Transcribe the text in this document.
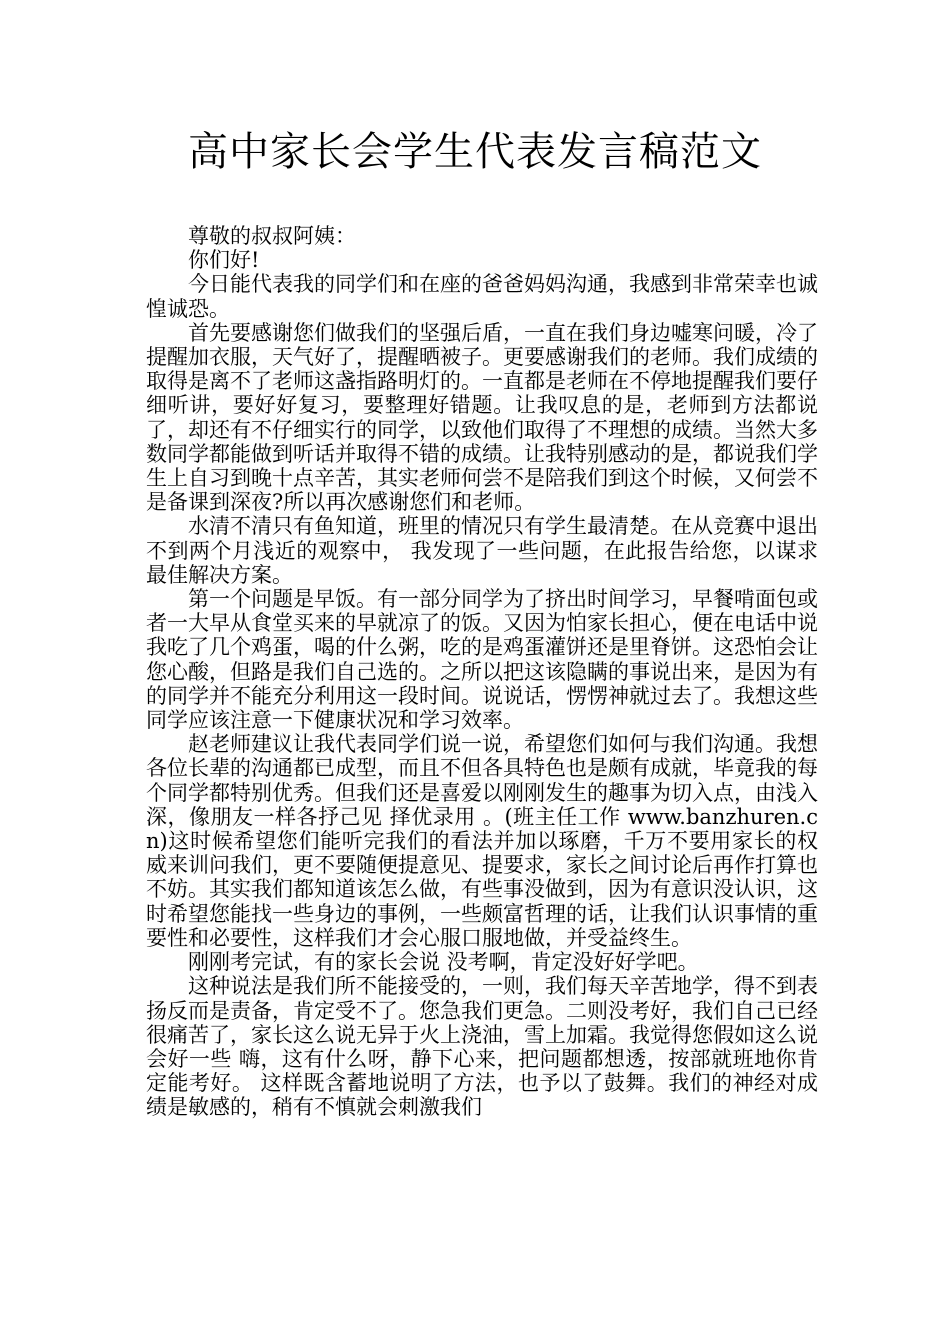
高中家长会学生代表发言稿范文

尊敬的叔叔阿姨：

你们好!

今日能代表我的同学们和在座的爸爸妈妈沟通，我感到非常荣幸也诚惶诚恐。

首先要感谢您们做我们的坚强后盾，一直在我们身边嘘寒问暖，冷了提醒加衣服，天气好了，提醒晒被子。更要感谢我们的老师。我们成绩的取得是离不了老师这盏指路明灯的。一直都是老师在不停地提醒我们要仔细听讲，要好好复习，要整理好错题。让我叹息的是，老师到方法都说了，却还有不仔细实行的同学，以致他们取得了不理想的成绩。当然大多数同学都能做到听话并取得不错的成绩。让我特别感动的是，都说我们学生上自习到晚十点辛苦，其实老师何尝不是陪我们到这个时候，又何尝不是备课到深夜?所以再次感谢您们和老师。

水清不清只有鱼知道，班里的情况只有学生最清楚。在从竞赛中退出不到两个月浅近的观察中， 我发现了一些问题，在此报告给您，以谋求最佳解决方案。

第一个问题是早饭。有一部分同学为了挤出时间学习，早餐啃面包或者一大早从食堂买来的早就凉了的饭。又因为怕家长担心，便在电话中说我吃了几个鸡蛋，喝的什么粥，吃的是鸡蛋灌饼还是里脊饼。这恐怕会让您心酸，但路是我们自己选的。之所以把这该隐瞒的事说出来，是因为有的同学并不能充分利用这一段时间。说说话，愣愣神就过去了。我想这些同学应该注意一下健康状况和学习效率。

赵老师建议让我代表同学们说一说，希望您们如何与我们沟通。我想各位长辈的沟通都已成型，而且不但各具特色也是颇有成就，毕竟我的每个同学都特别优秀。但我们还是喜爱以刚刚发生的趣事为切入点，由浅入深，像朋友一样各抒己见 择优录用 。(班主任工作 www.banzhuren.cn)这时候希望您们能听完我们的看法并加以琢磨，千万不要用家长的权威来训问我们，更不要随便提意见、提要求，家长之间讨论后再作打算也不妨。其实我们都知道该怎么做，有些事没做到，因为有意识没认识，这时希望您能找一些身边的事例，一些颇富哲理的话，让我们认识事情的重要性和必要性，这样我们才会心服口服地做，并受益终生。

刚刚考完试，有的家长会说 没考啊，肯定没好好学吧。

这种说法是我们所不能接受的，一则，我们每天辛苦地学，得不到表扬反而是责备，肯定受不了。您急我们更急。二则没考好，我们自己已经很痛苦了，家长这么说无异于火上浇油，雪上加霜。我觉得您假如这么说会好一些 嗨，这有什么呀，静下心来，把问题都想透，按部就班地你肯定能考好。 这样既含蓄地说明了方法，也予以了鼓舞。我们的神经对成绩是敏感的，稍有不慎就会刺激我们
